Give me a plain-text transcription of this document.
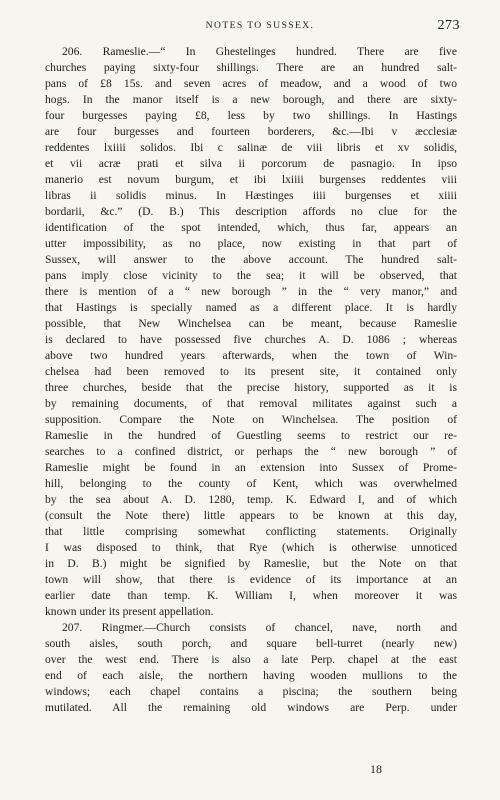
NOTES TO SUSSEX.	273
206. Rameslie.—“ In Ghestelinges hundred. There are five
churches paying sixty-four shillings. There are an hundred salt-
pans of £8 15s. and seven acres of meadow, and a wood of two
hogs. In the manor itself is a new borough, and there are sixty-
four burgesses paying £8, less by two shillings. In Hastings
are four burgesses and fourteen borderers, &c.—Ibi v æcclesiæ
reddentes lxiiii solidos. Ibi c salinæ de viii libris et xv solidis,
et vii acræ prati et silva ii porcorum de pasnagio. In ipso
manerio est novum burgum, et ibi lxiiii burgenses reddentes viii
libras ii solidis minus. In Hæstinges iiii burgenses et xiiii
bordarii, &c.” (D. B.) This description affords no clue for the
identification of the spot intended, which, thus far, appears an
utter impossibility, as no place, now existing in that part of
Sussex, will answer to the above account. The hundred salt-
pans imply close vicinity to the sea; it will be observed, that
there is mention of a “ new borough ” in the “ very manor,” and
that Hastings is specially named as a different place. It is hardly
possible, that New Winchelsea can be meant, because Rameslie
is declared to have possessed five churches A. D. 1086 ; whereas
above two hundred years afterwards, when the town of Win-
chelsea had been removed to its present site, it contained only
three churches, beside that the precise history, supported as it is
by remaining documents, of that removal militates against such a
supposition. Compare the Note on Winchelsea. The position of
Rameslie in the hundred of Guestling seems to restrict our re-
searches to a confined district, or perhaps the “ new borough ” of
Rameslie might be found in an extension into Sussex of Prome-
hill, belonging to the county of Kent, which was overwhelmed
by the sea about A. D. 1280, temp. K. Edward I, and of which
(consult the Note there) little appears to be known at this day,
that little comprising somewhat conflicting statements. Originally
I was disposed to think, that Rye (which is otherwise unnoticed
in D. B.) might be signified by Rameslie, but the Note on that
town will show, that there is evidence of its importance at an
earlier date than temp. K. William I, when moreover it was
known under its present appellation.
207. Ringmer.—Church consists of chancel, nave, north and
south aisles, south porch, and square bell-turret (nearly new)
over the west end. There is also a late Perp. chapel at the east
end of each aisle, the northern having wooden mullions to the
windows; each chapel contains a piscina; the southern being
mutilated. All the remaining old windows are Perp. under
18
